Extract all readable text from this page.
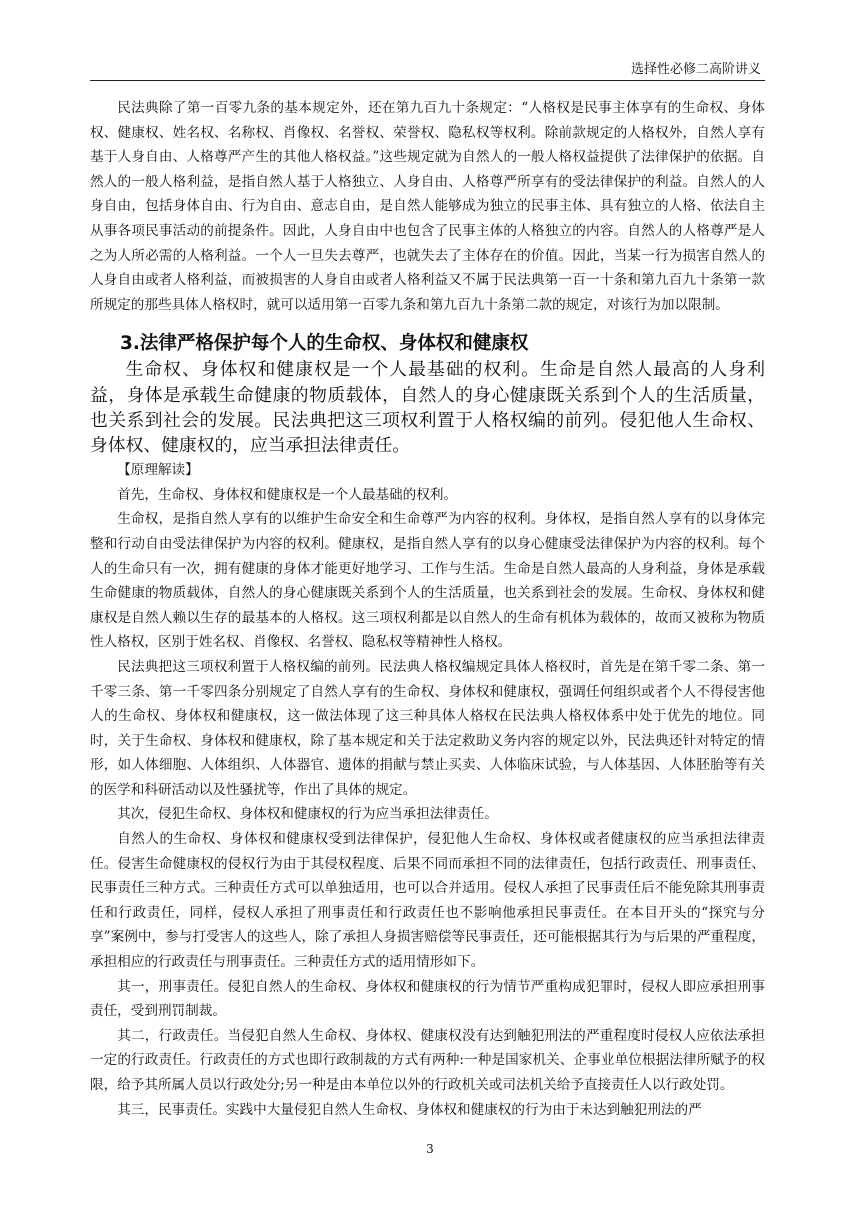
选择性必修二高阶讲义

民法典除了第一百零九条的基本规定外，还在第九百九十条规定：“人格权是民事主体享有的生命权、身体权、健康权、姓名权、名称权、肖像权、名誉权、荣誉权、隐私权等权利。除前款规定的人格权外，自然人享有基于人身自由、人格尊严产生的其他人格权益。”这些规定就为自然人的一般人格权益提供了法律保护的依据。自然人的一般人格利益，是指自然人基于人格独立、人身自由、人格尊严所享有的受法律保护的利益。自然人的人身自由，包括身体自由、行为自由、意志自由，是自然人能够成为独立的民事主体、具有独立的人格、依法自主从事各项民事活动的前提条件。因此，人身自由中也包含了民事主体的人格独立的内容。自然人的人格尊严是人之为人所必需的人格利益。一个人一旦失去尊严，也就失去了主体存在的价值。因此，当某一行为损害自然人的人身自由或者人格利益，而被损害的人身自由或者人格利益又不属于民法典第一百一十条和第九百九十条第一款所规定的那些具体人格权时，就可以适用第一百零九条和第九百九十条第二款的规定，对该行为加以限制。

3.法律严格保护每个人的生命权、身体权和健康权

生命权、身体权和健康权是一个人最基础的权利。生命是自然人最高的人身利益，身体是承载生命健康的物质载体，自然人的身心健康既关系到个人的生活质量，也关系到社会的发展。民法典把这三项权利置于人格权编的前列。侵犯他人生命权、身体权、健康权的，应当承担法律责任。

【原理解读】

首先，生命权、身体权和健康权是一个人最基础的权利。

生命权，是指自然人享有的以维护生命安全和生命尊严为内容的权利。身体权，是指自然人享有的以身体完整和行动自由受法律保护为内容的权利。健康权，是指自然人享有的以身心健康受法律保护为内容的权利。每个人的生命只有一次，拥有健康的身体才能更好地学习、工作与生活。生命是自然人最高的人身利益，身体是承载生命健康的物质载体，自然人的身心健康既关系到个人的生活质量，也关系到社会的发展。生命权、身体权和健康权是自然人赖以生存的最基本的人格权。这三项权利都是以自然人的生命有机体为载体的，故而又被称为物质性人格权，区别于姓名权、肖像权、名誉权、隐私权等精神性人格权。

民法典把这三项权利置于人格权编的前列。民法典人格权编规定具体人格权时，首先是在第千零二条、第一千零三条、第一千零四条分别规定了自然人享有的生命权、身体权和健康权，强调任何组织或者个人不得侵害他人的生命权、身体权和健康权，这一做法体现了这三种具体人格权在民法典人格权体系中处于优先的地位。同时，关于生命权、身体权和健康权，除了基本规定和关于法定救助义务内容的规定以外，民法典还针对特定的情形，如人体细胞、人体组织、人体器官、遗体的捐献与禁止买卖、人体临床试验，与人体基因、人体胚胎等有关的医学和科研活动以及性骚扰等，作出了具体的规定。

其次，侵犯生命权、身体权和健康权的行为应当承担法律责任。

自然人的生命权、身体权和健康权受到法律保护，侵犯他人生命权、身体权或者健康权的应当承担法律责任。侵害生命健康权的侵权行为由于其侵权程度、后果不同而承担不同的法律责任，包括行政责任、刑事责任、民事责任三种方式。三种责任方式可以单独适用，也可以合并适用。侵权人承担了民事责任后不能免除其刑事责任和行政责任，同样，侵权人承担了刑事责任和行政责任也不影响他承担民事责任。在本目开头的“探究与分享”案例中，参与打受害人的这些人，除了承担人身损害赔偿等民事责任，还可能根据其行为与后果的严重程度，承担相应的行政责任与刑事责任。三种责任方式的适用情形如下。

其一，刑事责任。侵犯自然人的生命权、身体权和健康权的行为情节严重构成犯罪时，侵权人即应承担刑事责任，受到刑罚制裁。

其二，行政责任。当侵犯自然人生命权、身体权、健康权没有达到触犯刑法的严重程度时侵权人应依法承担一定的行政责任。行政责任的方式也即行政制裁的方式有两种:一种是国家机关、企事业单位根据法律所赋予的权限，给予其所属人员以行政处分;另一种是由本单位以外的行政机关或司法机关给予直接责任人以行政处罚。

其三，民事责任。实践中大量侵犯自然人生命权、身体权和健康权的行为由于未达到触犯刑法的严

3
